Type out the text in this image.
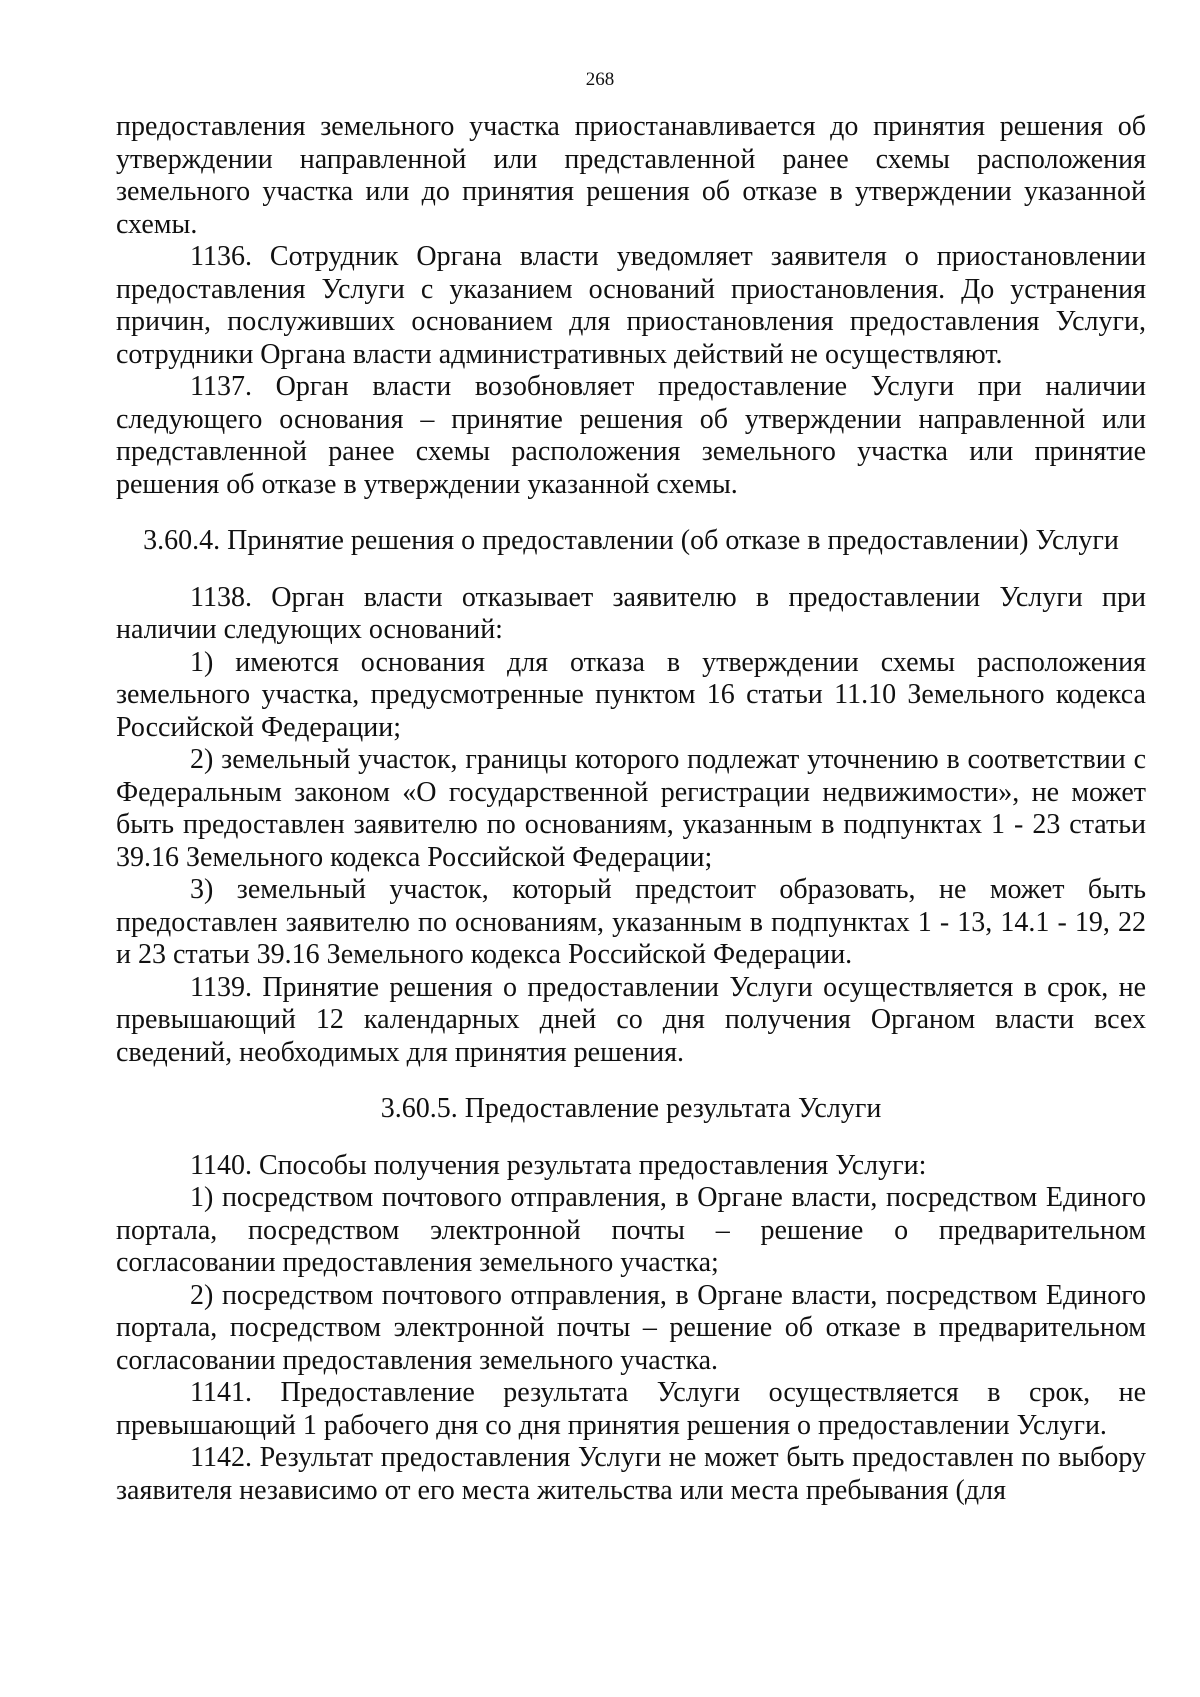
268

предоставления земельного участка приостанавливается до принятия решения об утверждении направленной или представленной ранее схемы расположения земельного участка или до принятия решения об отказе в утверждении указанной схемы.

1136. Сотрудник Органа власти уведомляет заявителя о приостановлении предоставления Услуги с указанием оснований приостановления. До устранения причин, послуживших основанием для приостановления предоставления Услуги, сотрудники Органа власти административных действий не осуществляют.

1137. Орган власти возобновляет предоставление Услуги при наличии следующего основания – принятие решения об утверждении направленной или представленной ранее схемы расположения земельного участка или принятие решения об отказе в утверждении указанной схемы.

3.60.4. Принятие решения о предоставлении (об отказе в предоставлении) Услуги

1138. Орган власти отказывает заявителю в предоставлении Услуги при наличии следующих оснований:

1) имеются основания для отказа в утверждении схемы расположения земельного участка, предусмотренные пунктом 16 статьи 11.10 Земельного кодекса Российской Федерации;

2) земельный участок, границы которого подлежат уточнению в соответствии с Федеральным законом «О государственной регистрации недвижимости», не может быть предоставлен заявителю по основаниям, указанным в подпунктах 1 - 23 статьи 39.16 Земельного кодекса Российской Федерации;

3) земельный участок, который предстоит образовать, не может быть предоставлен заявителю по основаниям, указанным в подпунктах 1 - 13, 14.1 - 19, 22 и 23 статьи 39.16 Земельного кодекса Российской Федерации.

1139. Принятие решения о предоставлении Услуги осуществляется в срок, не превышающий 12 календарных дней со дня получения Органом власти всех сведений, необходимых для принятия решения.

3.60.5. Предоставление результата Услуги

1140. Способы получения результата предоставления Услуги:

1) посредством почтового отправления, в Органе власти, посредством Единого портала, посредством электронной почты – решение о предварительном согласовании предоставления земельного участка;

2) посредством почтового отправления, в Органе власти, посредством Единого портала, посредством электронной почты – решение об отказе в предварительном согласовании предоставления земельного участка.

1141. Предоставление результата Услуги осуществляется в срок, не превышающий 1 рабочего дня со дня принятия решения о предоставлении Услуги.

1142. Результат предоставления Услуги не может быть предоставлен по выбору заявителя независимо от его места жительства или места пребывания (для
